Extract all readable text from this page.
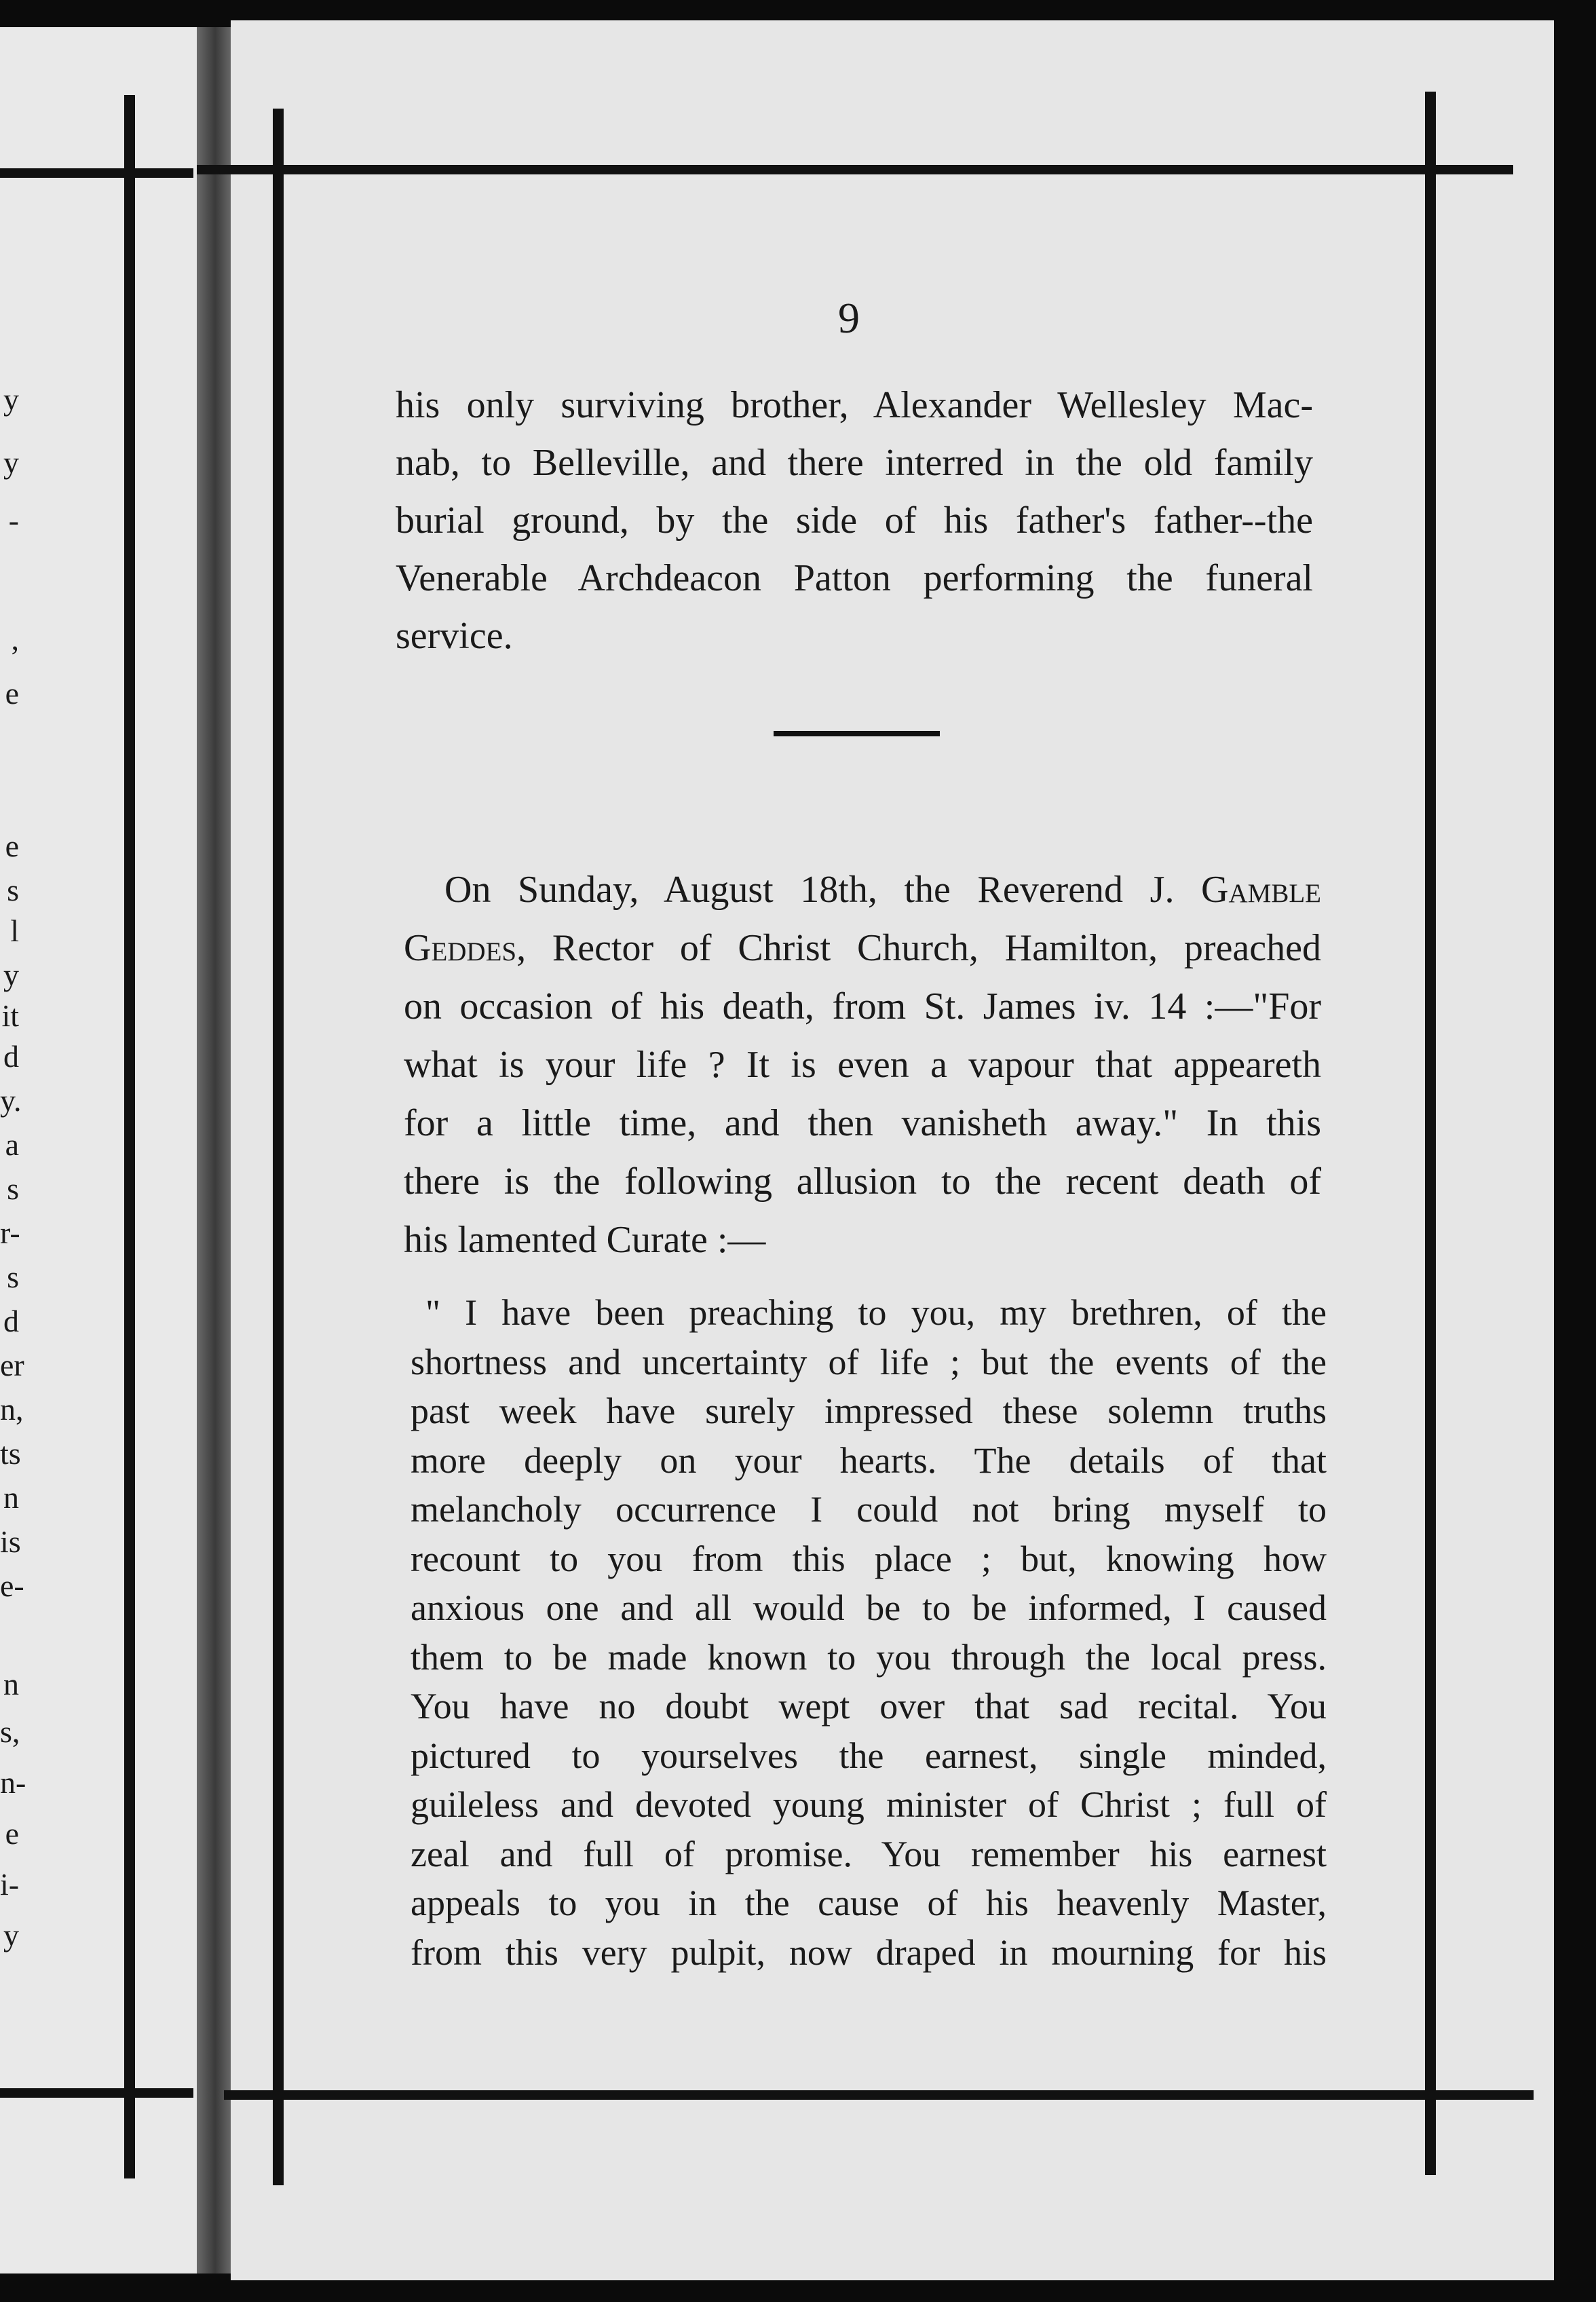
y
y
-
,
e
e
s
l
y
it
d
y.
a
s
r-
s
d
er
n,
ts
n
is
e-
n
s,
n-
e
i-
y

9

his only surviving brother, Alexander Wellesley Mac-
nab, to Belleville, and there interred in the old family
burial ground, by the side of his father's father--the
Venerable Archdeacon Patton performing the funeral
service.
On Sunday, August 18th, the Reverend J. Gamble
Geddes, Rector of Christ Church, Hamilton, preached
on occasion of his death, from St. James iv. 14 :—"For
what is your life ? It is even a vapour that appeareth
for a little time, and then vanisheth away." In this
there is the following allusion to the recent death of
his lamented Curate :—
" I have been preaching to you, my brethren, of the
shortness and uncertainty of life ; but the events of the
past week have surely impressed these solemn truths
more deeply on your hearts. The details of that
melancholy occurrence I could not bring myself to
recount to you from this place ; but, knowing how
anxious one and all would be to be informed, I caused
them to be made known to you through the local press.
You have no doubt wept over that sad recital. You
pictured to yourselves the earnest, single minded,
guileless and devoted young minister of Christ ; full of
zeal and full of promise. You remember his earnest
appeals to you in the cause of his heavenly Master,
from this very pulpit, now draped in mourning for his
